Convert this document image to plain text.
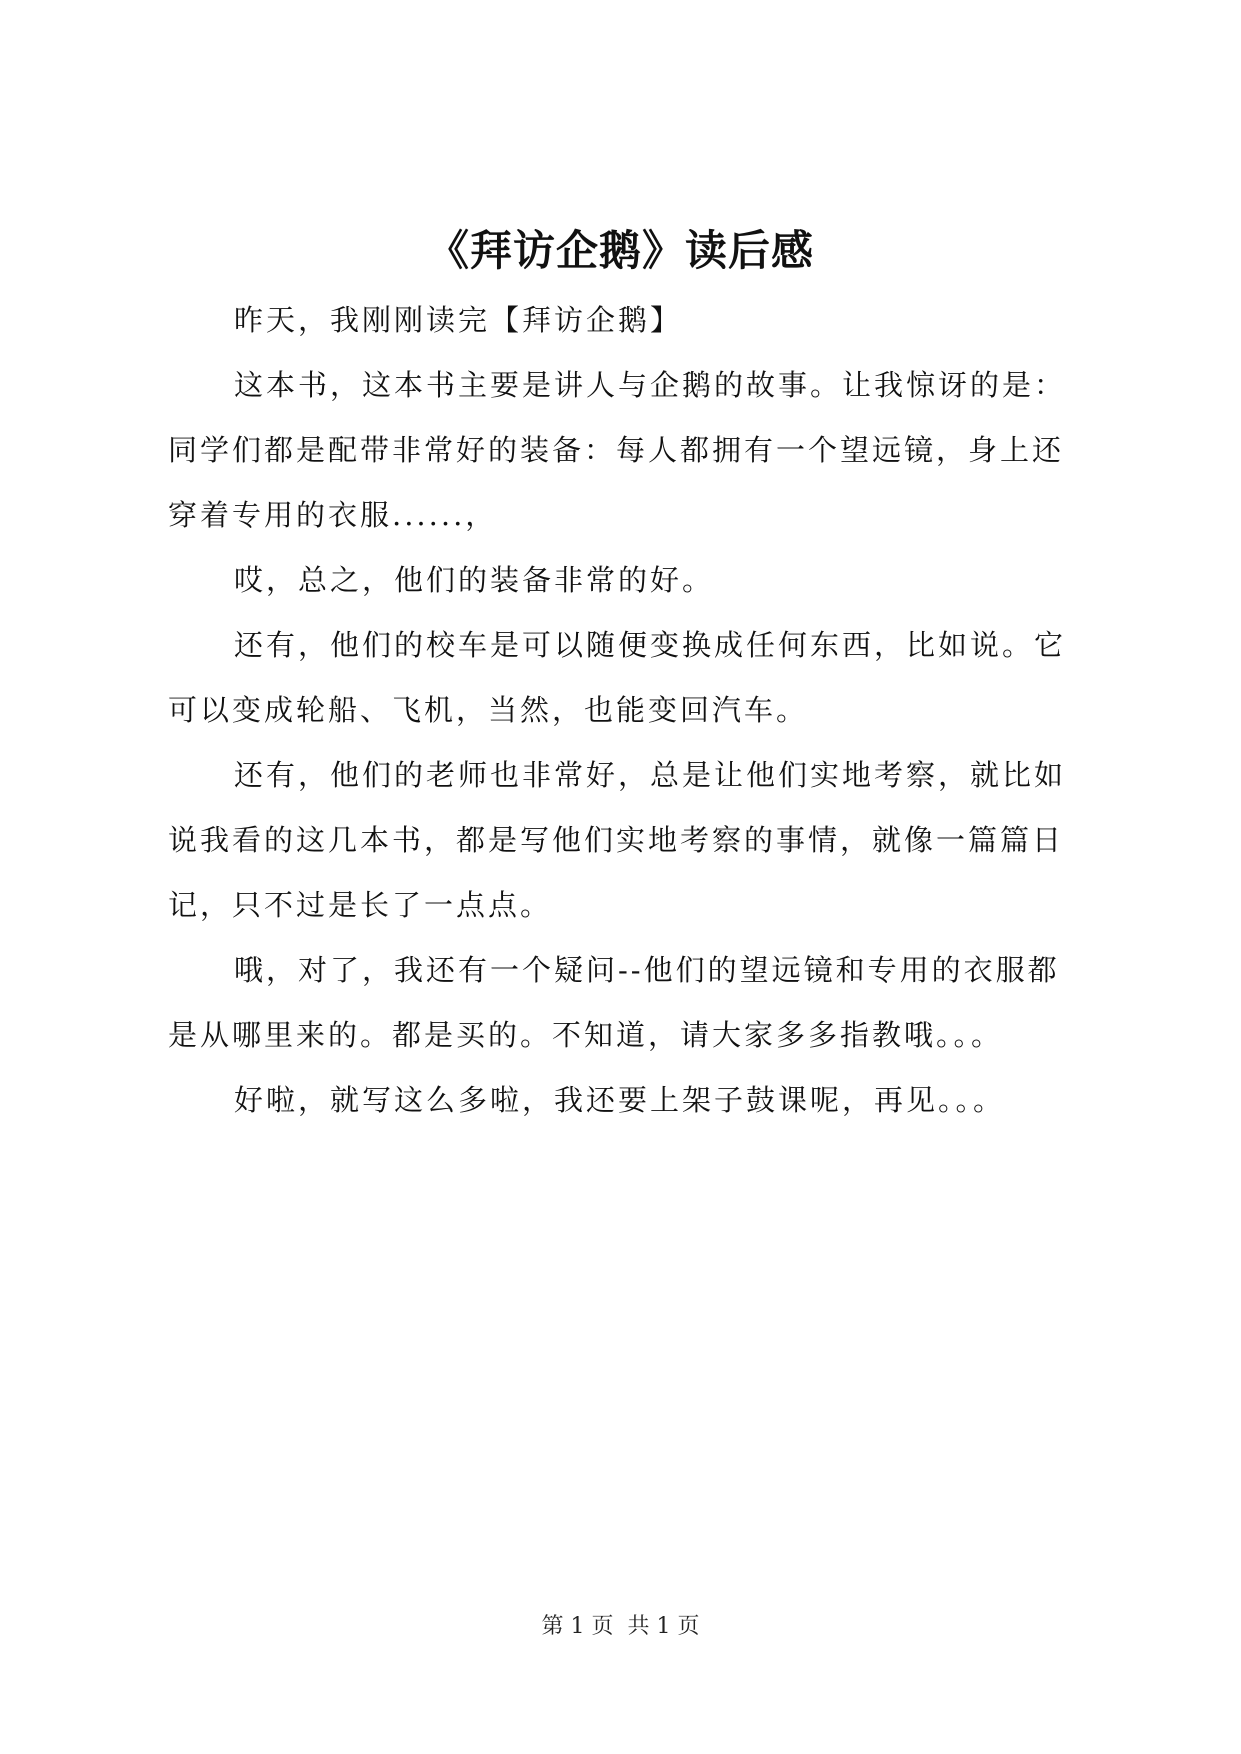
《拜访企鹅》读后感

昨天，我刚刚读完【拜访企鹅】

这本书，这本书主要是讲人与企鹅的故事。让我惊讶的是：同学们都是配带非常好的装备：每人都拥有一个望远镜，身上还穿着专用的衣服......，

哎，总之，他们的装备非常的好。

还有，他们的校车是可以随便变换成任何东西，比如说。它可以变成轮船、飞机，当然，也能变回汽车。

还有，他们的老师也非常好，总是让他们实地考察，就比如说我看的这几本书，都是写他们实地考察的事情，就像一篇篇日记，只不过是长了一点点。

哦，对了，我还有一个疑问--他们的望远镜和专用的衣服都是从哪里来的。都是买的。不知道，请大家多多指教哦。。。

好啦，就写这么多啦，我还要上架子鼓课呢，再见。。。

第 1 页  共 1 页
